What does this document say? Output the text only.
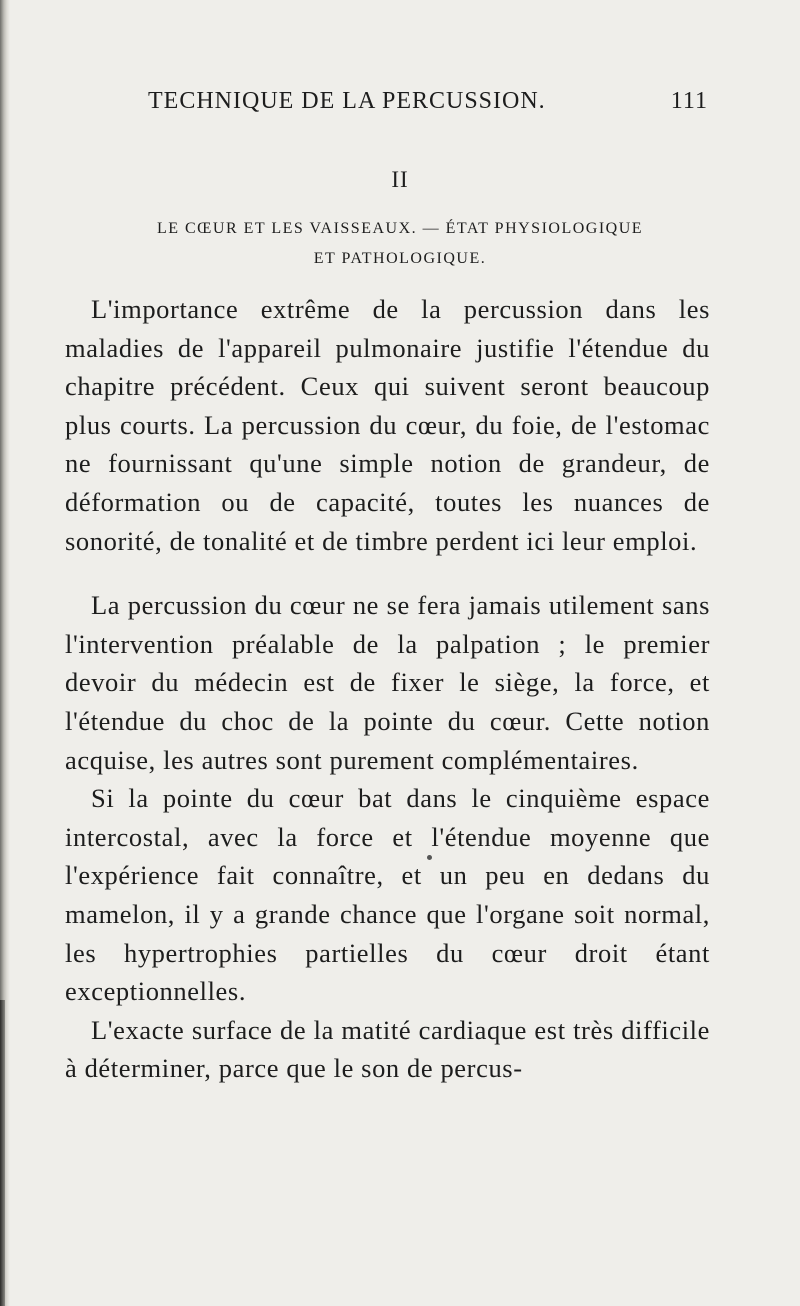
TECHNIQUE DE LA PERCUSSION.	111
II
LE CŒUR ET LES VAISSEAUX. — ÉTAT PHYSIOLOGIQUE
ET PATHOLOGIQUE.

L'importance extrême de la percussion dans les maladies de l'appareil pulmonaire justifie l'étendue du chapitre précédent. Ceux qui suivent seront beaucoup plus courts. La percussion du cœur, du foie, de l'estomac ne fournissant qu'une simple notion de grandeur, de déformation ou de capacité, toutes les nuances de sonorité, de tonalité et de timbre perdent ici leur emploi.

La percussion du cœur ne se fera jamais utilement sans l'intervention préalable de la palpation ; le premier devoir du médecin est de fixer le siège, la force, et l'étendue du choc de la pointe du cœur. Cette notion acquise, les autres sont purement complémentaires.

Si la pointe du cœur bat dans le cinquième espace intercostal, avec la force et l'étendue moyenne que l'expérience fait connaître, et un peu en dedans du mamelon, il y a grande chance que l'organe soit normal, les hypertrophies partielles du cœur droit étant exceptionnelles.

L'exacte surface de la matité cardiaque est très difficile à déterminer, parce que le son de percus-
